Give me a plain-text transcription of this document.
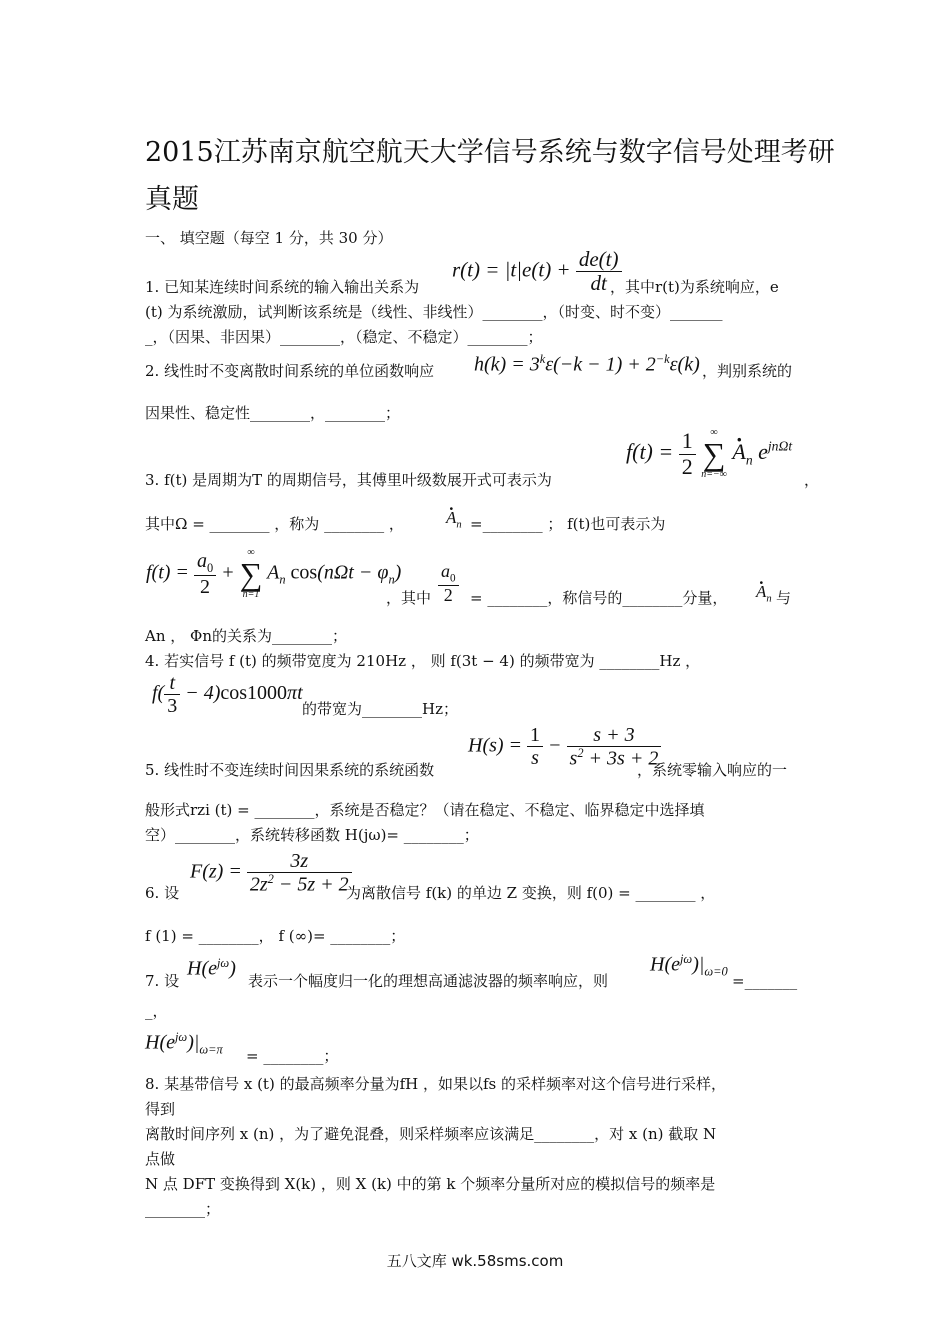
2015江苏南京航空航天大学信号系统与数字信号处理考研
真题
一、 填空题（每空 1 分，共 30 分）
$r(t) = |t|e(t) + \frac{de(t)}{dt}$
1. 已知某连续时间系统的输入输出关系为	，其中r(t)为系统响应，e
(t) 为系统激励，试判断该系统是（线性、非线性）________，（时变、时不变）_______
_，（因果、非因果）________，（稳定、不稳定）________；
$h(k) = 3^k\varepsilon(-k - 1) + 2^{-k}\varepsilon(k)$
2. 线性时不变离散时间系统的单位函数响应	，判别系统的
因果性、稳定性________，________；
$f(t) = \frac{1}{2}$
	∞
∑
n=−∞
· $A_n$ $e^{jn\Omega t}$
3. f(t) 是周期为T 的周期信号，其傅里叶级数展开式可表示为	，
其中Ω = ________ ，称为 ________ ， · $A_n$ =________ ； f(t)也可表示为
$f(t) = \frac{a_0}{2}$ +
∞
∑
n=1
$A_n$ $\cos(n\Omega t - \varphi_n)$
，其中 $\frac{a_0}{2}$ = ________，称信号的________分量， · $A_n$ 与
An ， Φn的关系为________；
4. 若实信号 f (t) 的频带宽度为 210Hz ， 则 f(3t − 4) 的频带宽为 ________Hz ，
$f( \frac{t}{3} - 4)\cos 1000\pi t$
的带宽为________Hz；
$H(s) = \frac{1}{s} - \frac{s + 3}{s^2 + 3s + 2}$
5. 线性时不变连续时间因果系统的系统函数	，系统零输入响应的一
般形式rzi (t) = ________，系统是否稳定？（请在稳定、不稳定、临界稳定中选择填
空）________，系统转移函数 H(jω)= ________；
$F(z) = \frac{3z}{2z^2 - 5z + 2}$
6. 设	为离散信号 f(k) 的单边 Z 变换，则 f(0) = ________ ，
f (1) = ________， f (∞)= ________；
$H(e^{j\omega})$
7. 设	表示一个幅度归一化的理想高通滤波器的频率响应，则
$H(e^{j\omega})|_{\omega=0}$
=_______
_，
$H(e^{j\omega})|_{\omega=\pi}$ = ________；
8. 某基带信号 x (t) 的最高频率分量为fH ，如果以fs 的采样频率对这个信号进行采样，
得到
离散时间序列 x (n) ，为了避免混叠，则采样频率应该满足________，对 x (n) 截取 N
点做
N 点 DFT 变换得到 X(k) ，则 X (k) 中的第 k 个频率分量所对应的模拟信号的频率是
________；
五八文库 wk.58sms.com
